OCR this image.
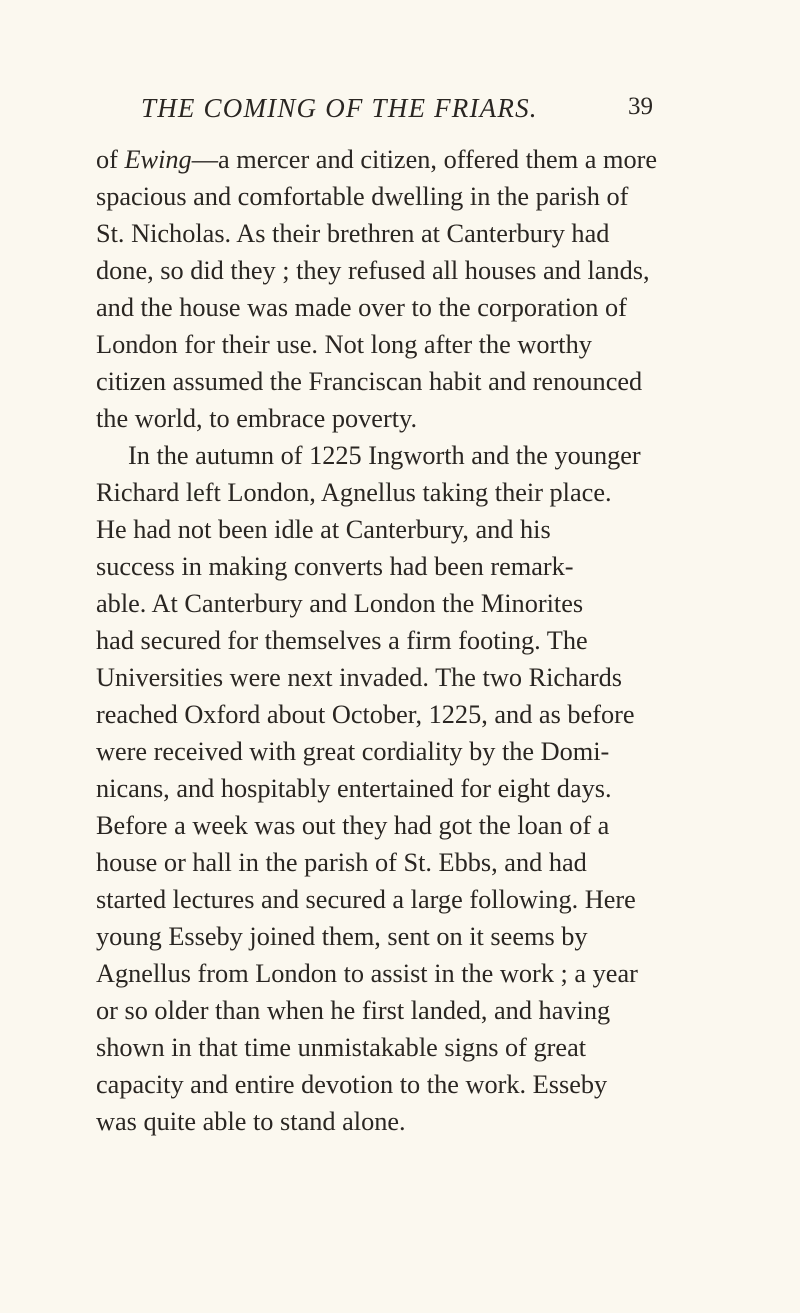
THE COMING OF THE FRIARS.	39
of Ewing—a mercer and citizen, offered them a more
spacious and comfortable dwelling in the parish of
St. Nicholas. As their brethren at Canterbury had
done, so did they ; they refused all houses and lands,
and the house was made over to the corporation of
London for their use. Not long after the worthy
citizen assumed the Franciscan habit and renounced
the world, to embrace poverty.
In the autumn of 1225 Ingworth and the younger
Richard left London, Agnellus taking their place.
He had not been idle at Canterbury, and his
success in making converts had been remark-
able. At Canterbury and London the Minorites
had secured for themselves a firm footing. The
Universities were next invaded. The two Richards
reached Oxford about October, 1225, and as before
were received with great cordiality by the Domi-
nicans, and hospitably entertained for eight days.
Before a week was out they had got the loan of a
house or hall in the parish of St. Ebbs, and had
started lectures and secured a large following. Here
young Esseby joined them, sent on it seems by
Agnellus from London to assist in the work ; a year
or so older than when he first landed, and having
shown in that time unmistakable signs of great
capacity and entire devotion to the work. Esseby
was quite able to stand alone.
